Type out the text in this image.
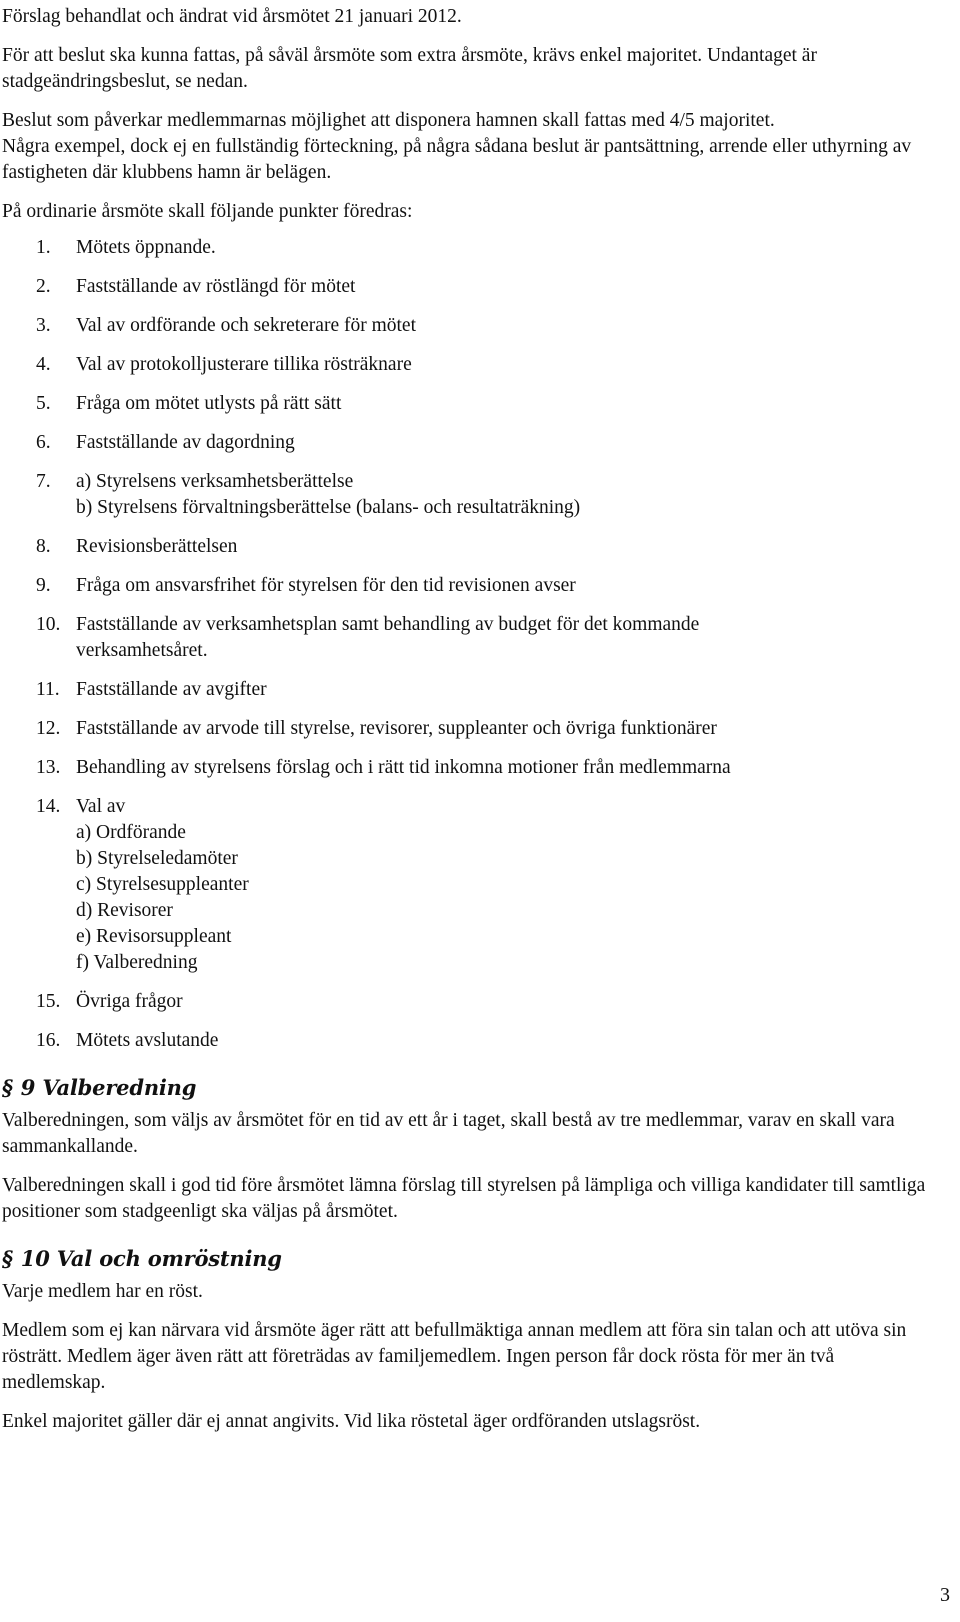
Förslag behandlat och ändrat vid årsmötet 21 januari 2012.

För att beslut ska kunna fattas, på såväl årsmöte som extra årsmöte, krävs enkel majoritet. Undantaget är stadgeändringsbeslut, se nedan.

Beslut som påverkar medlemmarnas möjlighet att disponera hamnen skall fattas med 4/5 majoritet.

Några exempel, dock ej en fullständig förteckning, på några sådana beslut är pantsättning, arrende eller uthyrning av fastigheten där klubbens hamn är belägen.

På ordinarie årsmöte skall följande punkter föredras:

1. Mötets öppnande.
2. Fastställande av röstlängd för mötet
3. Val av ordförande och sekreterare för mötet
4. Val av protokolljusterare tillika rösträknare
5. Fråga om mötet utlysts på rätt sätt
6. Fastställande av dagordning
7. a) Styrelsens verksamhetsberättelse
b) Styrelsens förvaltningsberättelse (balans- och resultaträkning)
8. Revisionsberättelsen
9. Fråga om ansvarsfrihet för styrelsen för den tid revisionen avser
10. Fastställande av verksamhetsplan samt behandling av budget för det kommande
verksamhetsåret.
11. Fastställande av avgifter
12. Fastställande av arvode till styrelse, revisorer, suppleanter och övriga funktionärer
13. Behandling av styrelsens förslag och i rätt tid inkomna motioner från medlemmarna
14. Val av
a) Ordförande
b) Styrelseledamöter
c) Styrelsesuppleanter
d) Revisorer
e) Revisorsuppleant
f) Valberedning
15. Övriga frågor
16. Mötets avslutande
§ 9 Valberedning

Valberedningen, som väljs av årsmötet för en tid av ett år i taget, skall bestå av tre medlemmar, varav en skall vara sammankallande.

Valberedningen skall i god tid före årsmötet lämna förslag till styrelsen på lämpliga och villiga kandidater till samtliga positioner som stadgeenligt ska väljas på årsmötet.

§ 10 Val och omröstning

Varje medlem har en röst.

Medlem som ej kan närvara vid årsmöte äger rätt att befullmäktiga annan medlem att föra sin talan och att utöva sin rösträtt. Medlem äger även rätt att företrädas av familjemedlem. Ingen person får dock rösta för mer än två medlemskap.

Enkel majoritet gäller där ej annat angivits. Vid lika röstetal äger ordföranden utslagsröst.

3
